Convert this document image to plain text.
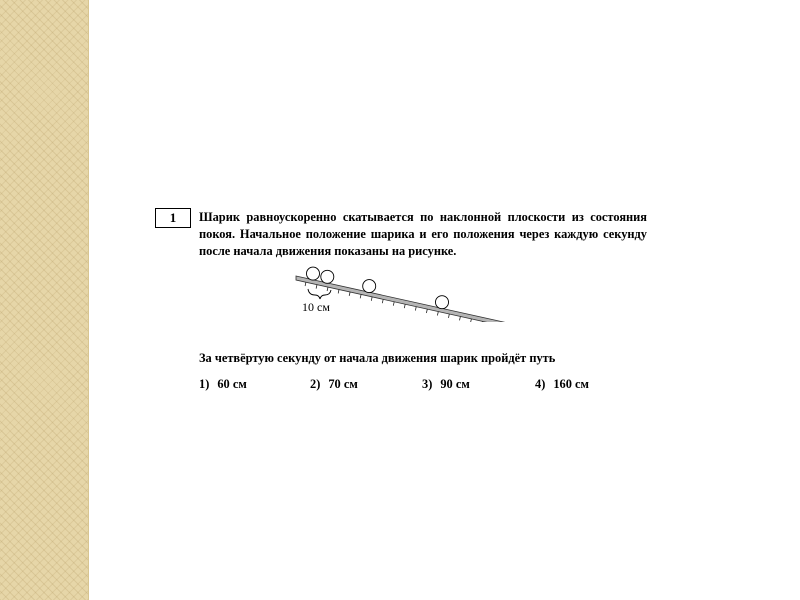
1	Шарик равноускоренно скатывается по наклонной плоскости из состояния
покоя. Начальное положение шарика и его положения через каждую секунду
после начала движения показаны на рисунке.
10 см
За четвёртую секунду от начала движения шарик пройдёт путь
1) 60 см	2) 70 см	3) 90 см	4) 160 см
